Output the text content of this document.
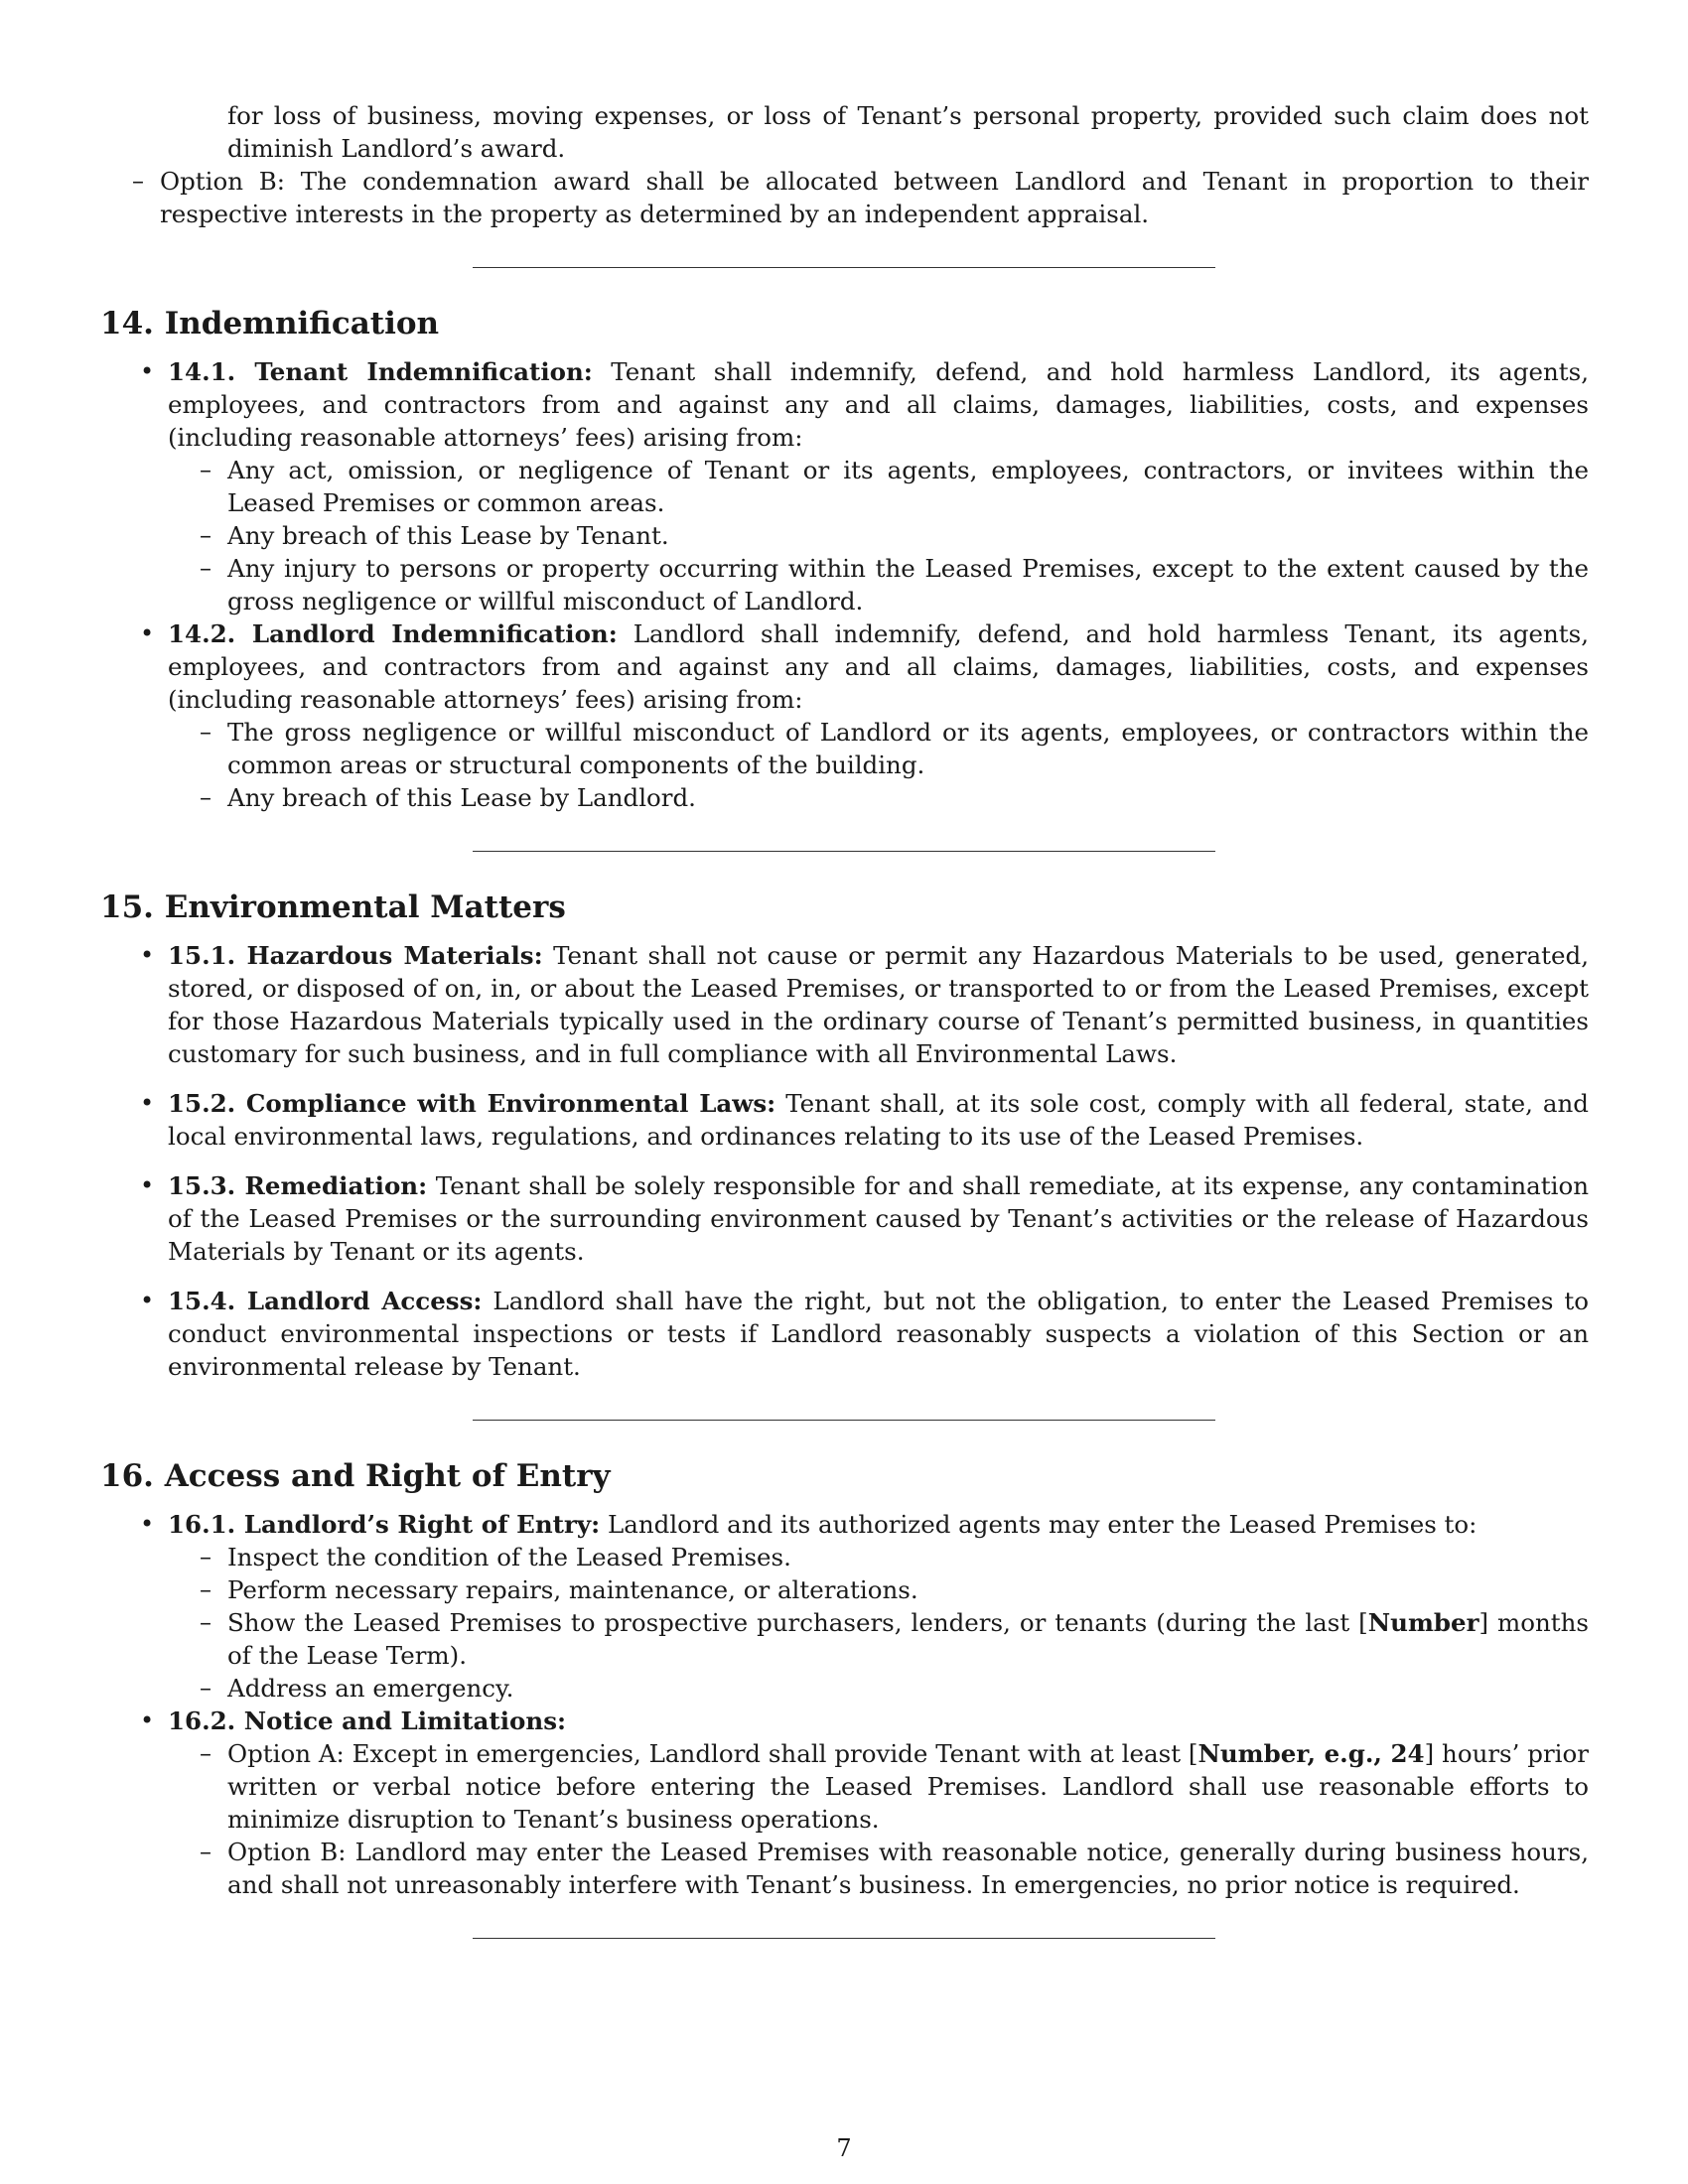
for loss of business, moving expenses, or loss of Tenant’s personal property, provided such claim does not diminish Landlord’s award.

– Option B: The condemnation award shall be allocated between Landlord and Tenant in proportion to their respective interests in the property as determined by an independent appraisal.

14. Indemnification
• 14.1. Tenant Indemnification: Tenant shall indemnify, defend, and hold harmless Landlord, its agents, employees, and contractors from and against any and all claims, damages, liabilities, costs, and expenses (including reasonable attorneys’ fees) arising from:

– Any act, omission, or negligence of Tenant or its agents, employees, contractors, or invitees within the Leased Premises or common areas.

– Any breach of this Lease by Tenant.

– Any injury to persons or property occurring within the Leased Premises, except to the extent caused by the gross negligence or willful misconduct of Landlord.

• 14.2. Landlord Indemnification: Landlord shall indemnify, defend, and hold harmless Tenant, its agents, employees, and contractors from and against any and all claims, damages, liabilities, costs, and expenses (including reasonable attorneys’ fees) arising from:

– The gross negligence or willful misconduct of Landlord or its agents, employees, or contractors within the common areas or structural components of the building.

– Any breach of this Lease by Landlord.

15. Environmental Matters
• 15.1. Hazardous Materials: Tenant shall not cause or permit any Hazardous Materials to be used, generated, stored, or disposed of on, in, or about the Leased Premises, or transported to or from the Leased Premises, except for those Hazardous Materials typically used in the ordinary course of Tenant’s permitted business, in quantities customary for such business, and in full compliance with all Environmental Laws.

• 15.2. Compliance with Environmental Laws: Tenant shall, at its sole cost, comply with all federal, state, and local environmental laws, regulations, and ordinances relating to its use of the Leased Premises.

• 15.3. Remediation: Tenant shall be solely responsible for and shall remediate, at its expense, any contamination of the Leased Premises or the surrounding environment caused by Tenant’s activities or the release of Hazardous Materials by Tenant or its agents.

• 15.4. Landlord Access: Landlord shall have the right, but not the obligation, to enter the Leased Premises to conduct environmental inspections or tests if Landlord reasonably suspects a violation of this Section or an environmental release by Tenant.

16. Access and Right of Entry
• 16.1. Landlord’s Right of Entry: Landlord and its authorized agents may enter the Leased Premises to:

– Inspect the condition of the Leased Premises.

– Perform necessary repairs, maintenance, or alterations.

– Show the Leased Premises to prospective purchasers, lenders, or tenants (during the last [Number] months of the Lease Term).

– Address an emergency.

• 16.2. Notice and Limitations:

– Option A: Except in emergencies, Landlord shall provide Tenant with at least [Number, e.g., 24] hours’ prior written or verbal notice before entering the Leased Premises. Landlord shall use reasonable efforts to minimize disruption to Tenant’s business operations.

– Option B: Landlord may enter the Leased Premises with reasonable notice, generally during business hours, and shall not unreasonably interfere with Tenant’s business. In emergencies, no prior notice is required.

7
